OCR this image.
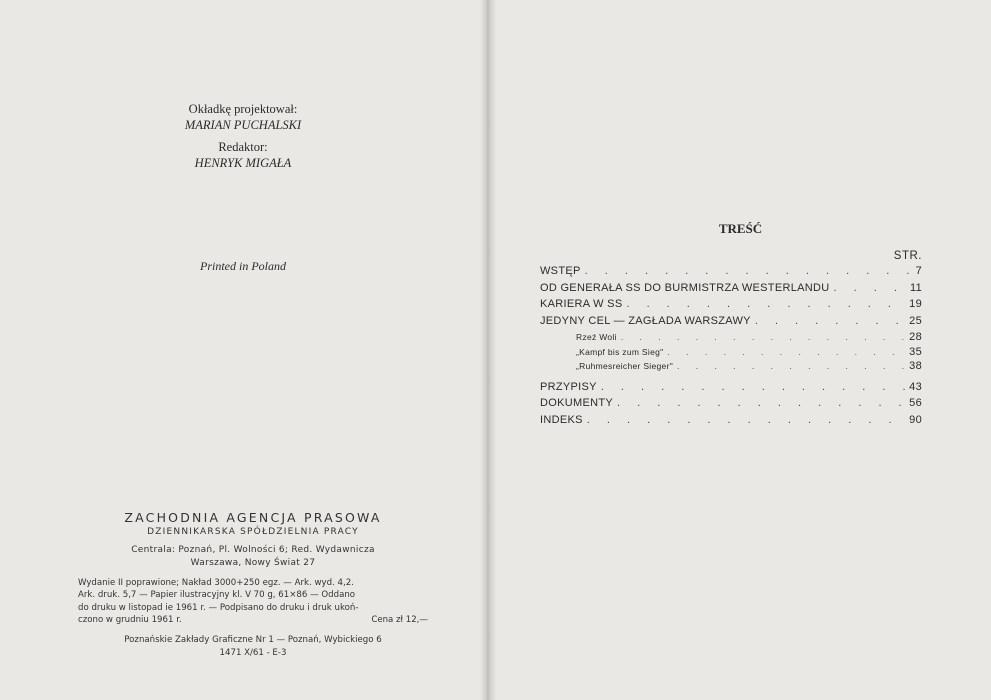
Okładkę projektował:
MARIAN PUCHALSKI
Redaktor:
HENRYK MIGAŁA
Printed in Poland
ZACHODNIA AGENCJA PRASOWA
DZIENNIKARSKA SPÓŁDZIELNIA PRACY
Centrala: Poznań, Pl. Wolności 6; Red. Wydawnicza
Warszawa, Nowy Świat 27
Wydanie II poprawione; Nakład 3000+250 egz. — Ark. wyd. 4,2.
Ark. druk. 5,7 — Papier ilustracyjny kl. V 70 g, 61×86 — Oddano
do druku w listopad ie 1961 r. — Podpisano do druku i druk ukoń-
czono w grudniu 1961 r.	Cena zł 12,—
Poznańskie Zakłady Graficzne Nr 1 — Poznań, Wybickiego 6
1471 X/61 - E-3
TREŚĆ
STR.
WSTĘP . . .	7
OD GENERAŁA SS DO BURMISTRZA WESTERLANDU . . .	11
KARIERA W SS . . .	19
JEDYNY CEL — ZAGŁADA WARSZAWY . . .	25
Rzeź Woli . . .	28
„Kampf bis zum Sieg" . . .	35
„Ruhmesreicher Sieger" . . .	38
PRZYPISY . . .	43
DOKUMENTY . . .	56
INDEKS . . .	90
